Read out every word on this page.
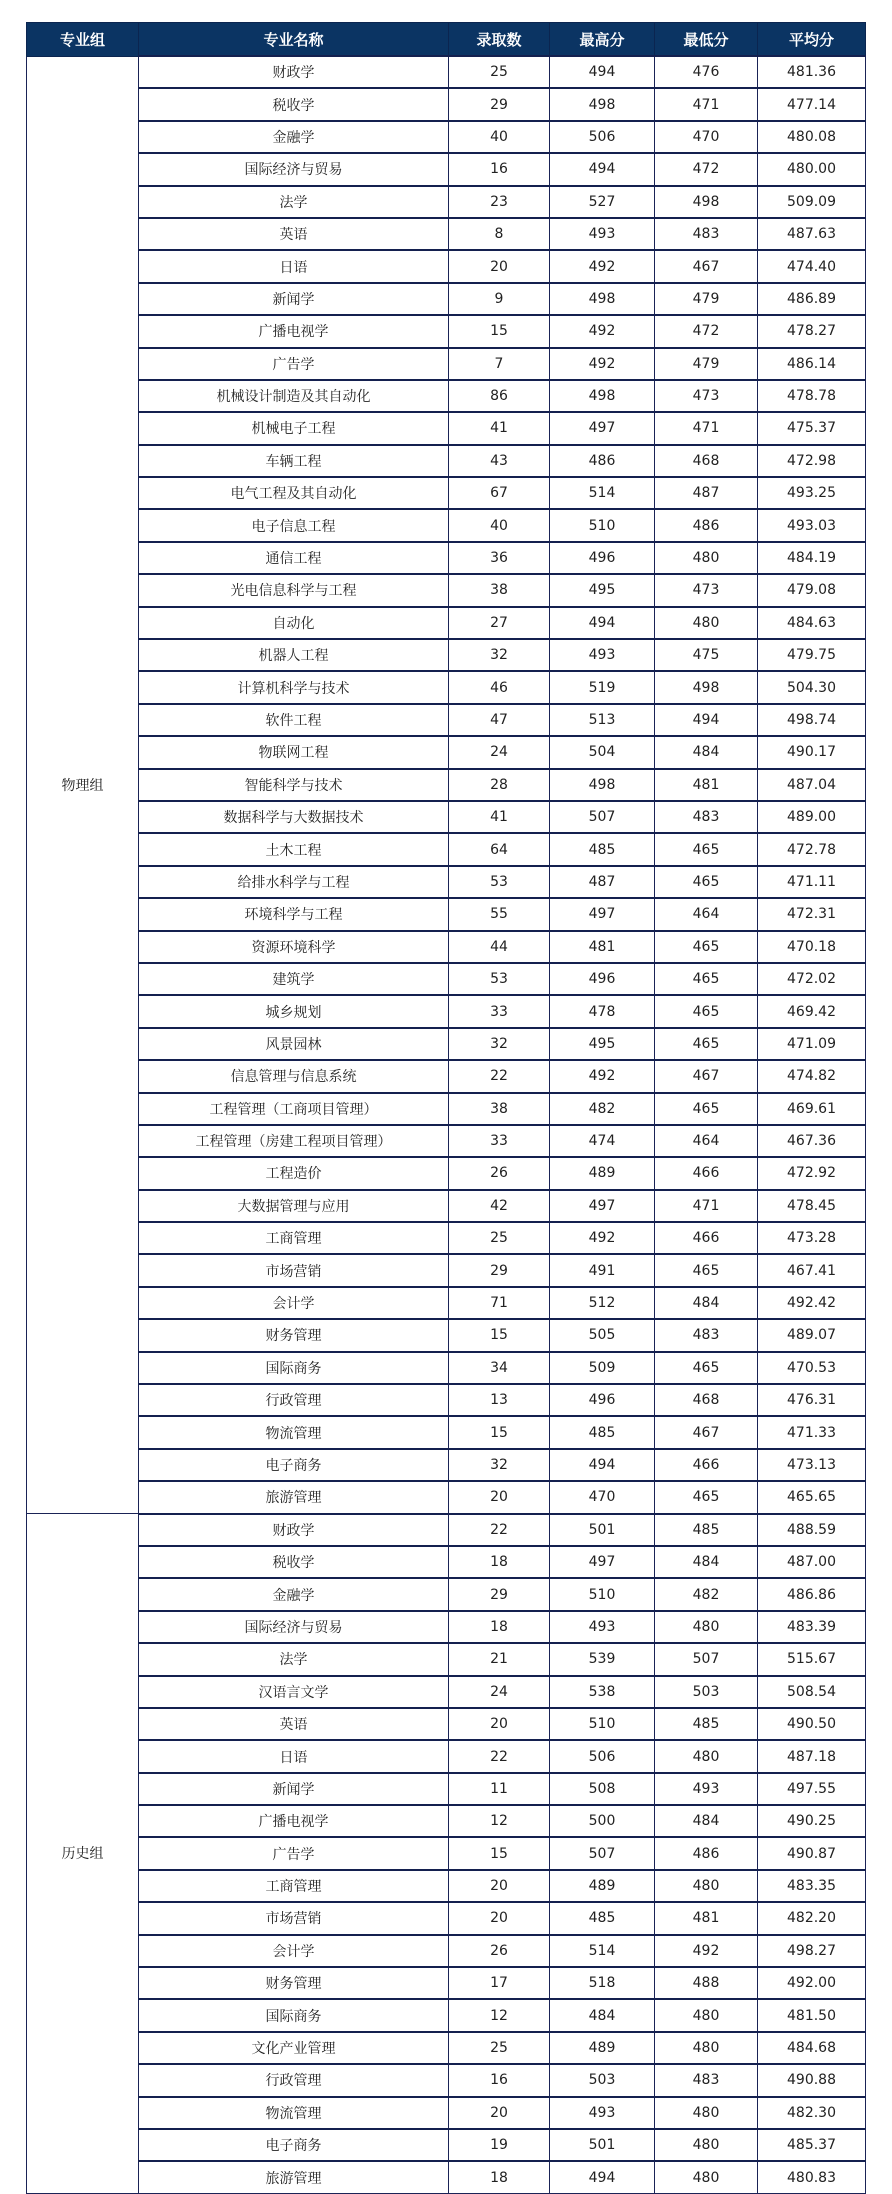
专业组	专业名称	录取数	最高分	最低分	平均分
物理组	财政学	25	494	476	481.36
	税收学	29	498	471	477.14
	金融学	40	506	470	480.08
	国际经济与贸易	16	494	472	480.00
	法学	23	527	498	509.09
	英语	8	493	483	487.63
	日语	20	492	467	474.40
	新闻学	9	498	479	486.89
	广播电视学	15	492	472	478.27
	广告学	7	492	479	486.14
	机械设计制造及其自动化	86	498	473	478.78
	机械电子工程	41	497	471	475.37
	车辆工程	43	486	468	472.98
	电气工程及其自动化	67	514	487	493.25
	电子信息工程	40	510	486	493.03
	通信工程	36	496	480	484.19
	光电信息科学与工程	38	495	473	479.08
	自动化	27	494	480	484.63
	机器人工程	32	493	475	479.75
	计算机科学与技术	46	519	498	504.30
	软件工程	47	513	494	498.74
	物联网工程	24	504	484	490.17
	智能科学与技术	28	498	481	487.04
	数据科学与大数据技术	41	507	483	489.00
	土木工程	64	485	465	472.78
	给排水科学与工程	53	487	465	471.11
	环境科学与工程	55	497	464	472.31
	资源环境科学	44	481	465	470.18
	建筑学	53	496	465	472.02
	城乡规划	33	478	465	469.42
	风景园林	32	495	465	471.09
	信息管理与信息系统	22	492	467	474.82
	工程管理（工商项目管理）	38	482	465	469.61
	工程管理（房建工程项目管理）	33	474	464	467.36
	工程造价	26	489	466	472.92
	大数据管理与应用	42	497	471	478.45
	工商管理	25	492	466	473.28
	市场营销	29	491	465	467.41
	会计学	71	512	484	492.42
	财务管理	15	505	483	489.07
	国际商务	34	509	465	470.53
	行政管理	13	496	468	476.31
	物流管理	15	485	467	471.33
	电子商务	32	494	466	473.13
	旅游管理	20	470	465	465.65
历史组	财政学	22	501	485	488.59
	税收学	18	497	484	487.00
	金融学	29	510	482	486.86
	国际经济与贸易	18	493	480	483.39
	法学	21	539	507	515.67
	汉语言文学	24	538	503	508.54
	英语	20	510	485	490.50
	日语	22	506	480	487.18
	新闻学	11	508	493	497.55
	广播电视学	12	500	484	490.25
	广告学	15	507	486	490.87
	工商管理	20	489	480	483.35
	市场营销	20	485	481	482.20
	会计学	26	514	492	498.27
	财务管理	17	518	488	492.00
	国际商务	12	484	480	481.50
	文化产业管理	25	489	480	484.68
	行政管理	16	503	483	490.88
	物流管理	20	493	480	482.30
	电子商务	19	501	480	485.37
	旅游管理	18	494	480	480.83
